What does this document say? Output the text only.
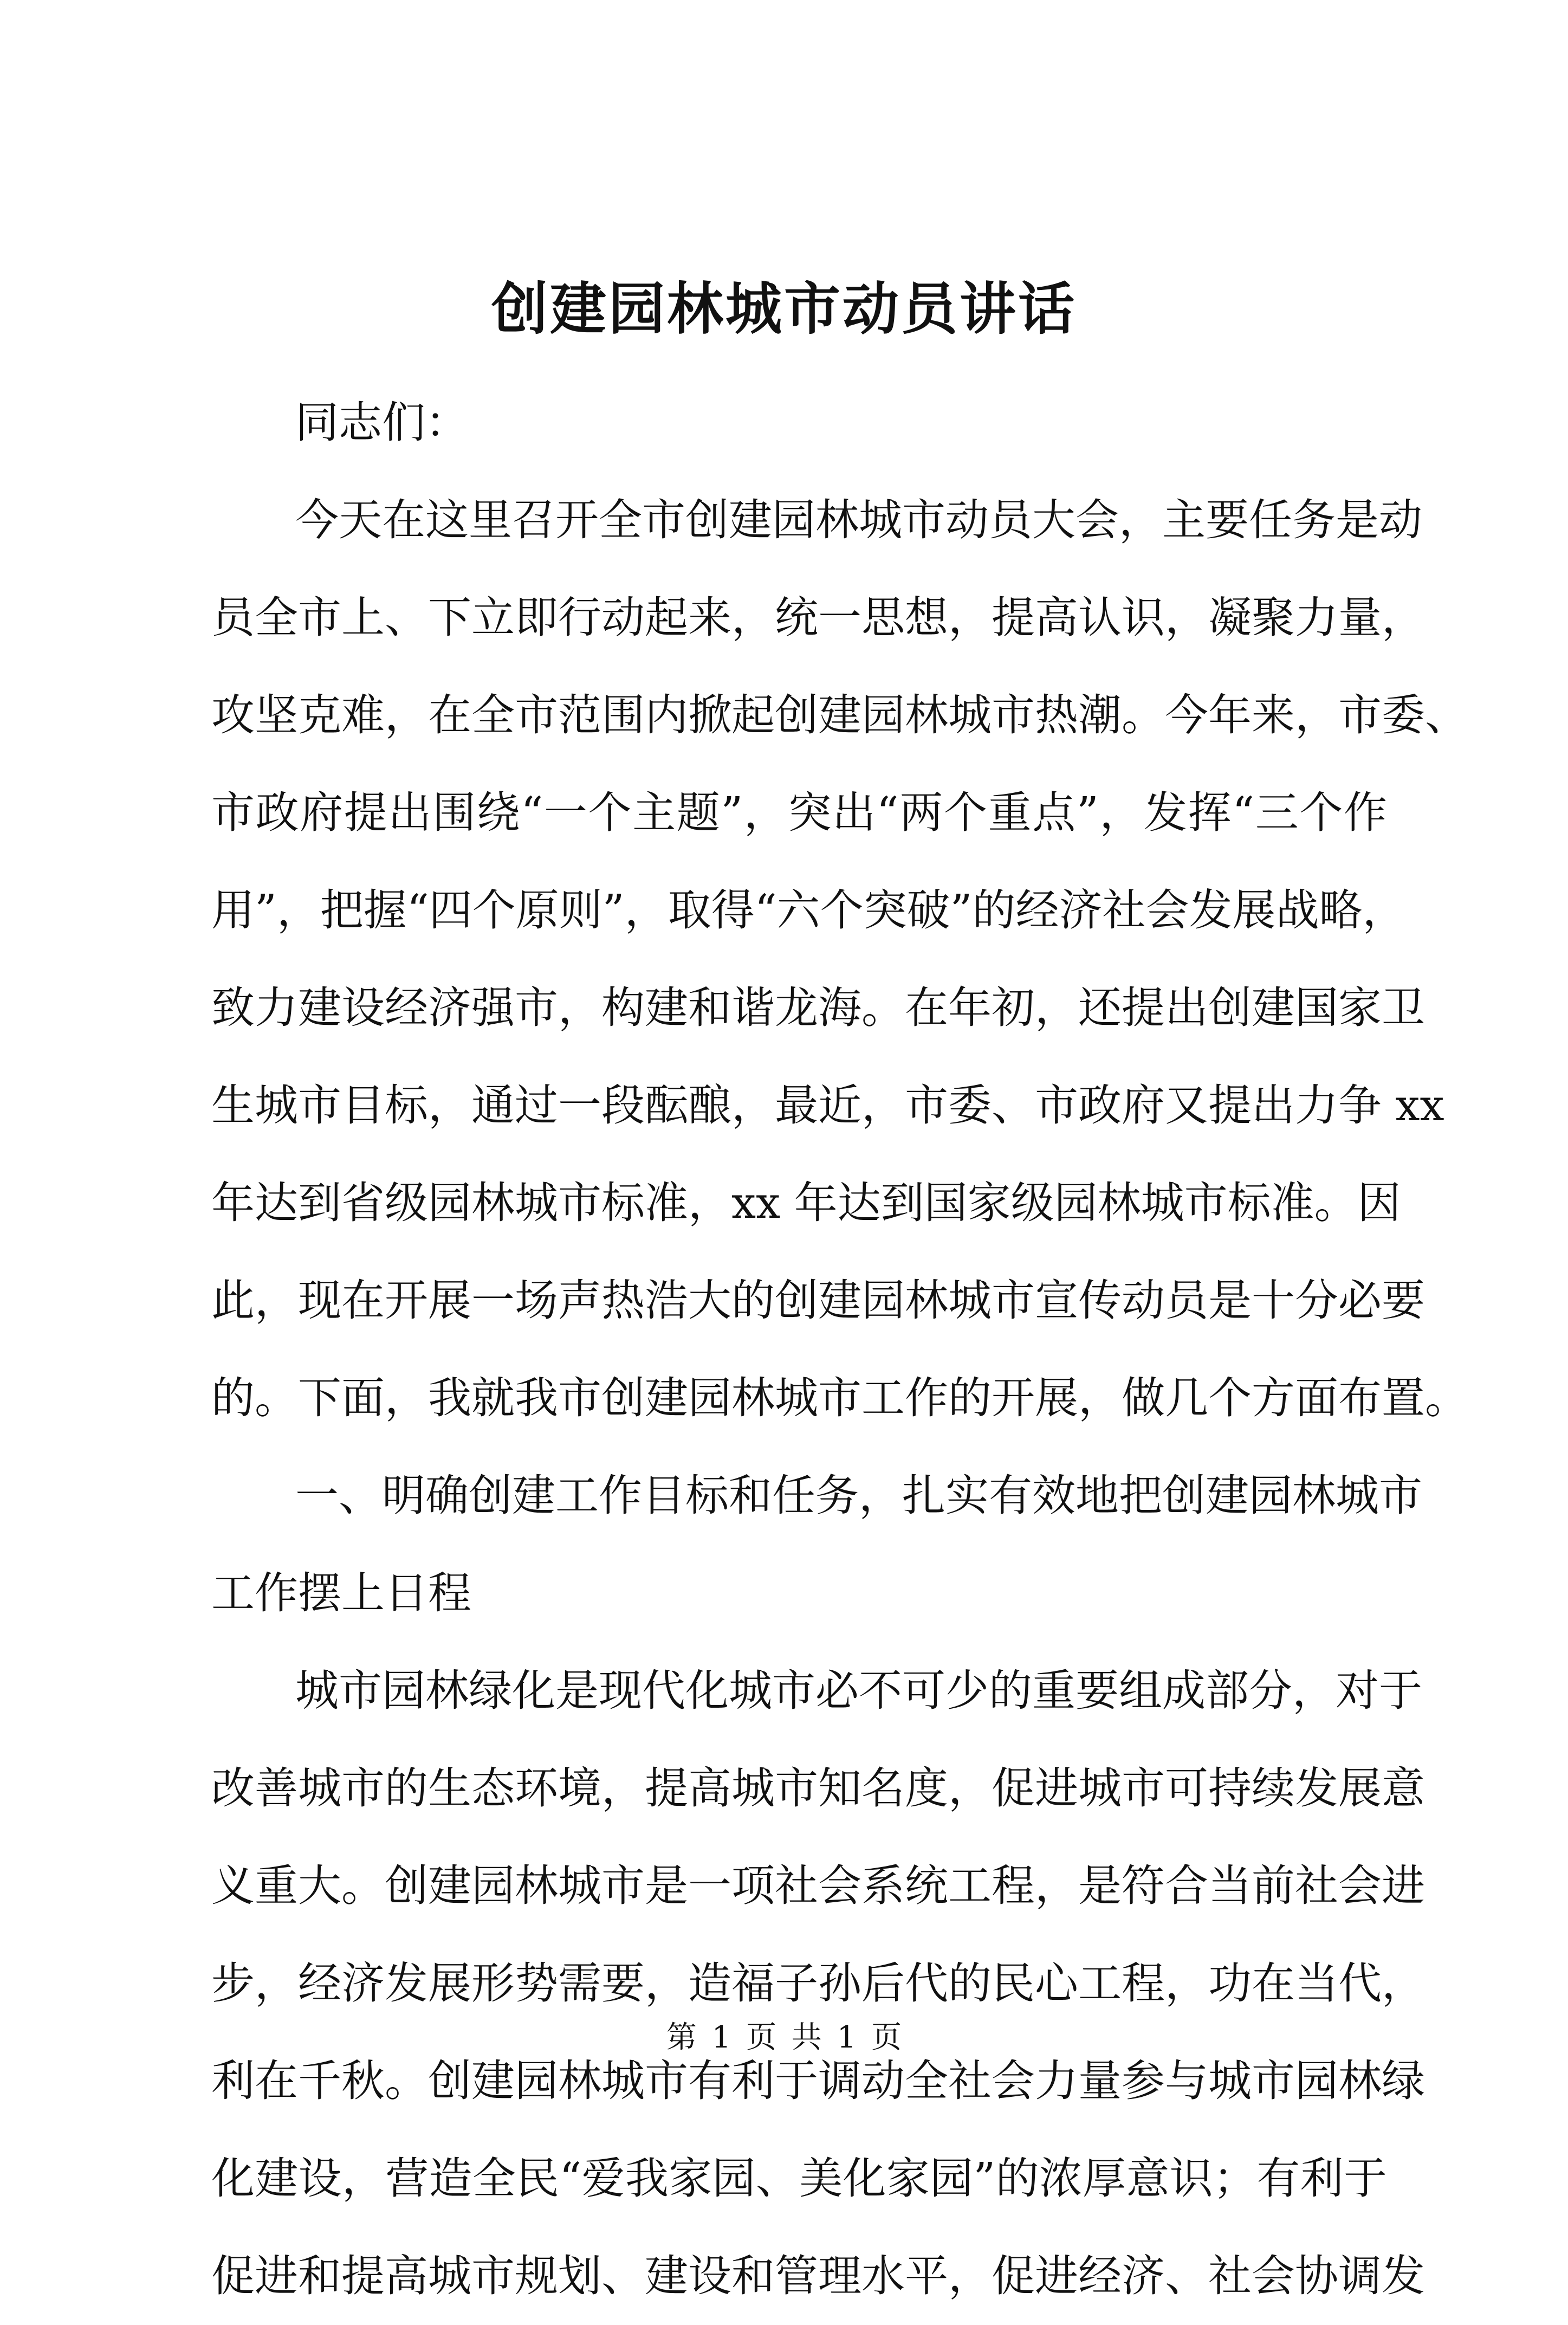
创建园林城市动员讲话
同志们：
今天在这里召开全市创建园林城市动员大会，主要任务是动
员全市上、下立即行动起来，统一思想，提高认识，凝聚力量，
攻坚克难，在全市范围内掀起创建园林城市热潮。今年来，市委、
市政府提出围绕“一个主题”，突出“两个重点”，发挥“三个作
用”，把握“四个原则”，取得“六个突破”的经济社会发展战略，
致力建设经济强市，构建和谐龙海。在年初，还提出创建国家卫
生城市目标，通过一段酝酿，最近，市委、市政府又提出力争 xx
年达到省级园林城市标准，xx 年达到国家级园林城市标准。因
此，现在开展一场声热浩大的创建园林城市宣传动员是十分必要
的。下面，我就我市创建园林城市工作的开展，做几个方面布置。
一、明确创建工作目标和任务，扎实有效地把创建园林城市
工作摆上日程
城市园林绿化是现代化城市必不可少的重要组成部分，对于
改善城市的生态环境，提高城市知名度，促进城市可持续发展意
义重大。创建园林城市是一项社会系统工程，是符合当前社会进
步，经济发展形势需要，造福子孙后代的民心工程，功在当代，
利在千秋。创建园林城市有利于调动全社会力量参与城市园林绿
化建设，营造全民“爱我家园、美化家园”的浓厚意识；有利于
促进和提高城市规划、建设和管理水平，促进经济、社会协调发
第 1 页 共 1 页
